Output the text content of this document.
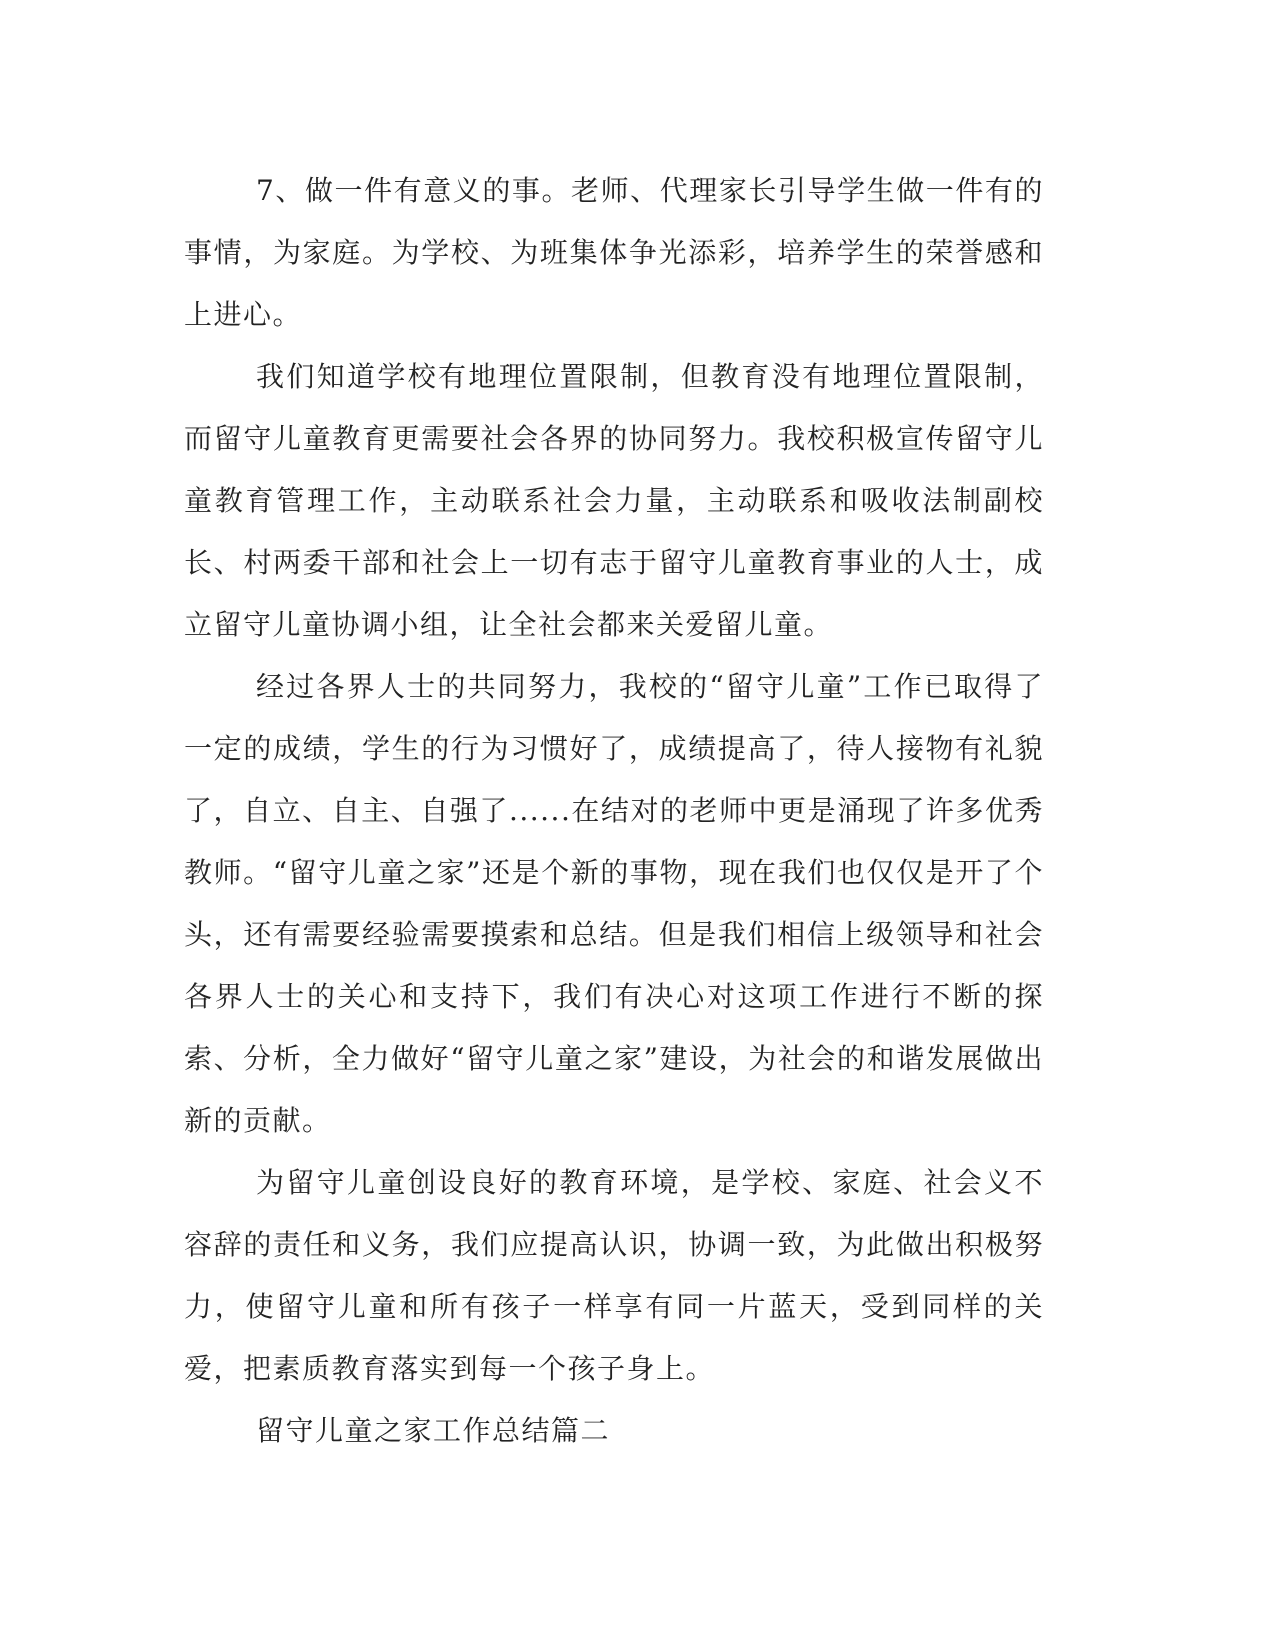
7、做一件有意义的事。老师、代理家长引导学生做一件有的事情，为家庭。为学校、为班集体争光添彩，培养学生的荣誉感和上进心。

我们知道学校有地理位置限制，但教育没有地理位置限制，而留守儿童教育更需要社会各界的协同努力。我校积极宣传留守儿童教育管理工作，主动联系社会力量，主动联系和吸收法制副校长、村两委干部和社会上一切有志于留守儿童教育事业的人士，成立留守儿童协调小组，让全社会都来关爱留儿童。

经过各界人士的共同努力，我校的“留守儿童”工作已取得了一定的成绩，学生的行为习惯好了，成绩提高了，待人接物有礼貌了，自立、自主、自强了......在结对的老师中更是涌现了许多优秀教师。“留守儿童之家”还是个新的事物，现在我们也仅仅是开了个头，还有需要经验需要摸索和总结。但是我们相信上级领导和社会各界人士的关心和支持下，我们有决心对这项工作进行不断的探索、分析，全力做好“留守儿童之家”建设，为社会的和谐发展做出新的贡献。

为留守儿童创设良好的教育环境，是学校、家庭、社会义不容辞的责任和义务，我们应提高认识，协调一致，为此做出积极努力，使留守儿童和所有孩子一样享有同一片蓝天，受到同样的关爱，把素质教育落实到每一个孩子身上。

留守儿童之家工作总结篇二
